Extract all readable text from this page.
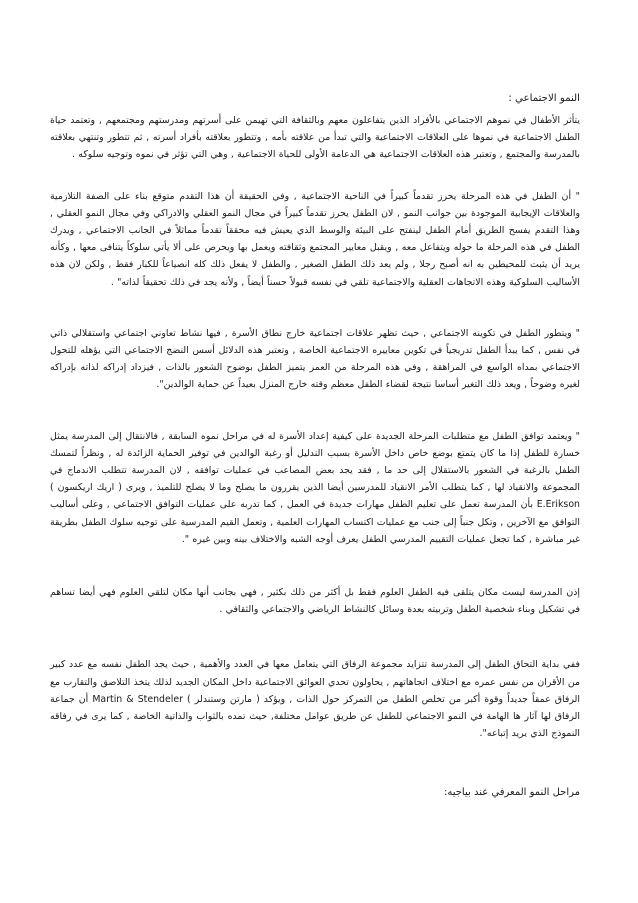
النمو الاجتماعي :

يتأثر الأطفال في نموهم الاجتماعي بالأفراد الذين يتفاعلون معهم وبالثقافة التي تهيمن على أسرتهم ومدرستهم ومجتمعهم , وتعتمد حياة الطفل الاجتماعية في نموها على العلاقات الاجتماعية والتي تبدأ من علاقته بأمه , وتتطور بعلاقته بأفراد أسرته , ثم تتطور وتنتهي بعلاقته بالمدرسة والمجتمع , وتعتبر هذه العلاقات الاجتماعية هي الدعامة الأولى للحياة الاجتماعية , وهي التي تؤثر في نموه وتوجيه سلوكه .

" أن الطفل في هذه المرحلة يحرز تقدماً كبيراً في الناحية الاجتماعية , وفي الحقيقة أن هذا التقدم متوقع بناء على الصفة التلازمية والعلاقات الإيجابية الموجودة بين جوانب النمو , لان الطفل يحرز تقدماً كبيراً في مجال النمو العقلي والادراكي وفي مجال النمو العقلي , وهذا التقدم يفسح الطريق أمام الطفل لينفتح على البيئة والوسط الذي يعيش فيه محققاً تقدماً مماثلاً في الجانب الاجتماعي , ويدرك الطفل في هذه المرحلة ما حوله ويتفاعل معه , ويقبل معايير المجتمع وثقافته ويعمل بها ويحرص على ألا يأتي سلوكاً يتنافى معها , وكأنه يريد أن يثبت للمحيطين به انه أصبح رجلا , ولم يعد ذلك الطفل الصغير , والطفل لا يفعل ذلك كله انصياعاً للكبار فقط , ولكن لان هذه الأساليب السلوكية وهذه الاتجاهات العقلية والاجتماعية تلقي في نفسه قبولاً حسناً أيضاً , ولأنه يجد في ذلك تحقيقاً لذاته" .

" ويتطور الطفل في تكوينه الاجتماعي , حيث تظهر علاقات اجتماعية خارج نطاق الأسرة , فيها نشاط تعاوني اجتماعي واستقلالي ذاتي في نفس , كما يبدأ الطفل تدريجياً في تكوين معاييره الاجتماعية الخاصة , وتعتبر هذه الدلائل أسس النضج الاجتماعي التي يؤهله للتحول الاجتماعي بمداه الواسع في المراهقة , وفي هذه المرحلة من العمر يتميز الطفل بوضوح الشعور بالذات , فيزداد إدراكه لذاته بإدراكه لغيره وضوحاً , ويعد ذلك التغير أساسا نتيجة لقضاء الطفل معظم وقته خارج المنزل بعيداً عن حماية الوالدين".

" ويعتمد توافق الطفل مع متطلبات المرحلة الجديدة على كيفية إعداد الأسرة له في مراحل نموه السابقة , فالانتقال إلى المدرسة يمثل خسارة للطفل إذا ما كان يتمتع بوضع خاص داخل الأسرة بسبب التدليل أو رغبة الوالدين في توفير الحماية الزائدة له , ونظراً لتمسك الطفل بالرغبة في الشعور بالاستقلال إلى حد ما , فقد يجد بعض المصاعب في عمليات توافقه , لان المدرسة تتطلب الاندماج في المجموعة والانقياد لها , كما يتطلب الأمر الانقياد للمدرسين أيضا الذين يقررون ما يصلح وما لا يصلح للتلميذ , ويرى ( اريك اريكسون ) E.Erikson بأن المدرسة تعمل على تعليم الطفل مهارات جديدة في العمل , كما تدربه على عمليات التوافق الاجتماعي , وعلى أساليب التوافق مع الآخرين , وتكل جنباً إلى جنب مع عمليات اكتساب المهارات العلمية , وتعمل القيم المدرسية على توجيه سلوك الطفل بطريقة غير مباشرة , كما تجعل عمليات التقييم المدرسي الطفل يعرف أوجه الشبه والاختلاف بينه وبين غيره ".

إذن المدرسة ليست مكان يتلقى فيه الطفل العلوم فقط بل أكثر من ذلك بكثير , فهي بجانب أنها مكان لتلقي العلوم فهي أيضا تساهم في تشكيل وبناء شخصية الطفل وتربيته بعدة وسائل كالنشاط الرياضي والاجتماعي والثقافي .

ففي بداية التحاق الطفل إلى المدرسة تتزايد مجموعة الرفاق التي يتعامل معها في العدد والأهمية , حيث يجد الطفل نفسه مع عدد كبير من الأقران من نفس عمره مع اختلاف اتجاهاتهم , يحاولون تحدي العوائق الاجتماعية داخل المكان الجديد لذلك يتخذ التلاصق والتقارب مع الرفاق عمقاً جديداً وقوة أكبر من تخلص الطفل من التمركز حول الذات , ويؤكد ( مارتن وستندلر ) Martin & Stendeler أن جماعة الرفاق لها آثار ها الهامة في النمو الاجتماعي للطفل عن طريق عوامل مختلفة, حيث تمده بالثواب والذاتية الخاصة , كما يرى في رفاقه النموذج الذي يريد إتباعه".

مراحل النمو المعرفي عند بياجيه:
